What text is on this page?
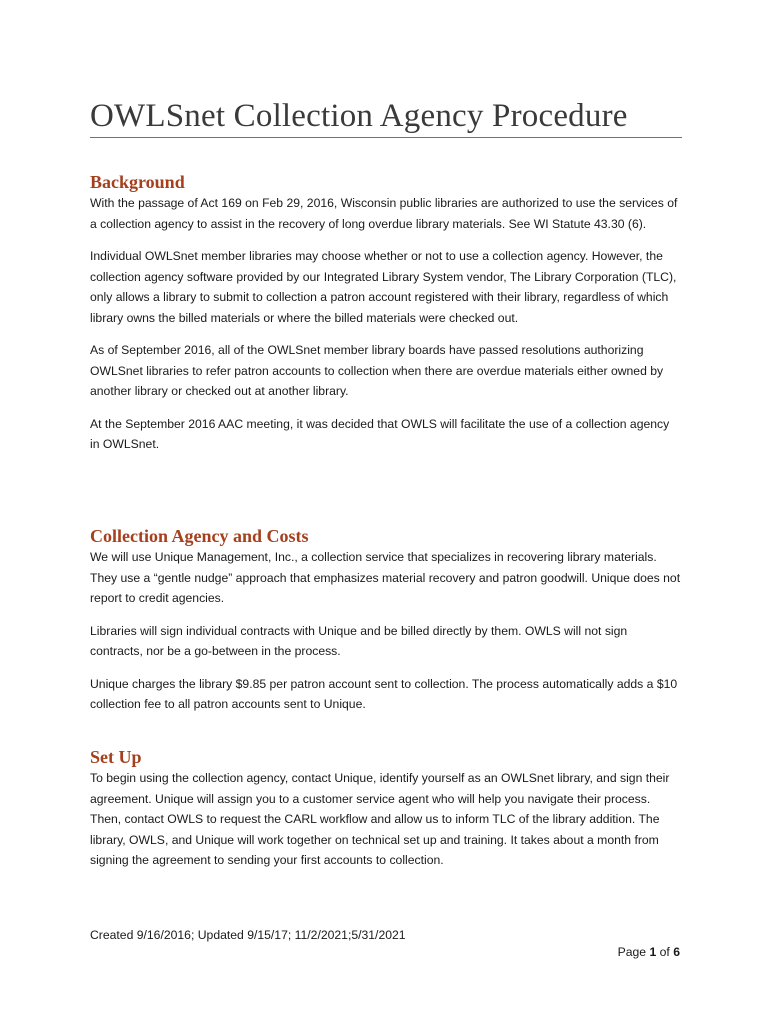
OWLSnet Collection Agency Procedure
Background

With the passage of Act 169 on Feb 29, 2016, Wisconsin public libraries are authorized to use the services of a collection agency to assist in the recovery of long overdue library materials. See WI Statute 43.30 (6).

Individual OWLSnet member libraries may choose whether or not to use a collection agency. However, the collection agency software provided by our Integrated Library System vendor, The Library Corporation (TLC), only allows a library to submit to collection a patron account registered with their library, regardless of which library owns the billed materials or where the billed materials were checked out.

As of September 2016, all of the OWLSnet member library boards have passed resolutions authorizing OWLSnet libraries to refer patron accounts to collection when there are overdue materials either owned by another library or checked out at another library.

At the September 2016 AAC meeting, it was decided that OWLS will facilitate the use of a collection agency in OWLSnet.

Collection Agency and Costs

We will use Unique Management, Inc., a collection service that specializes in recovering library materials. They use a “gentle nudge” approach that emphasizes material recovery and patron goodwill. Unique does not report to credit agencies.

Libraries will sign individual contracts with Unique and be billed directly by them. OWLS will not sign contracts, nor be a go-between in the process.

Unique charges the library $9.85 per patron account sent to collection. The process automatically adds a $10 collection fee to all patron accounts sent to Unique.

Set Up

To begin using the collection agency, contact Unique, identify yourself as an OWLSnet library, and sign their agreement. Unique will assign you to a customer service agent who will help you navigate their process. Then, contact OWLS to request the CARL workflow and allow us to inform TLC of the library addition. The library, OWLS, and Unique will work together on technical set up and training. It takes about a month from signing the agreement to sending your first accounts to collection.

Created 9/16/2016; Updated 9/15/17; 11/2/2021;5/31/2021
Page 1 of 6
